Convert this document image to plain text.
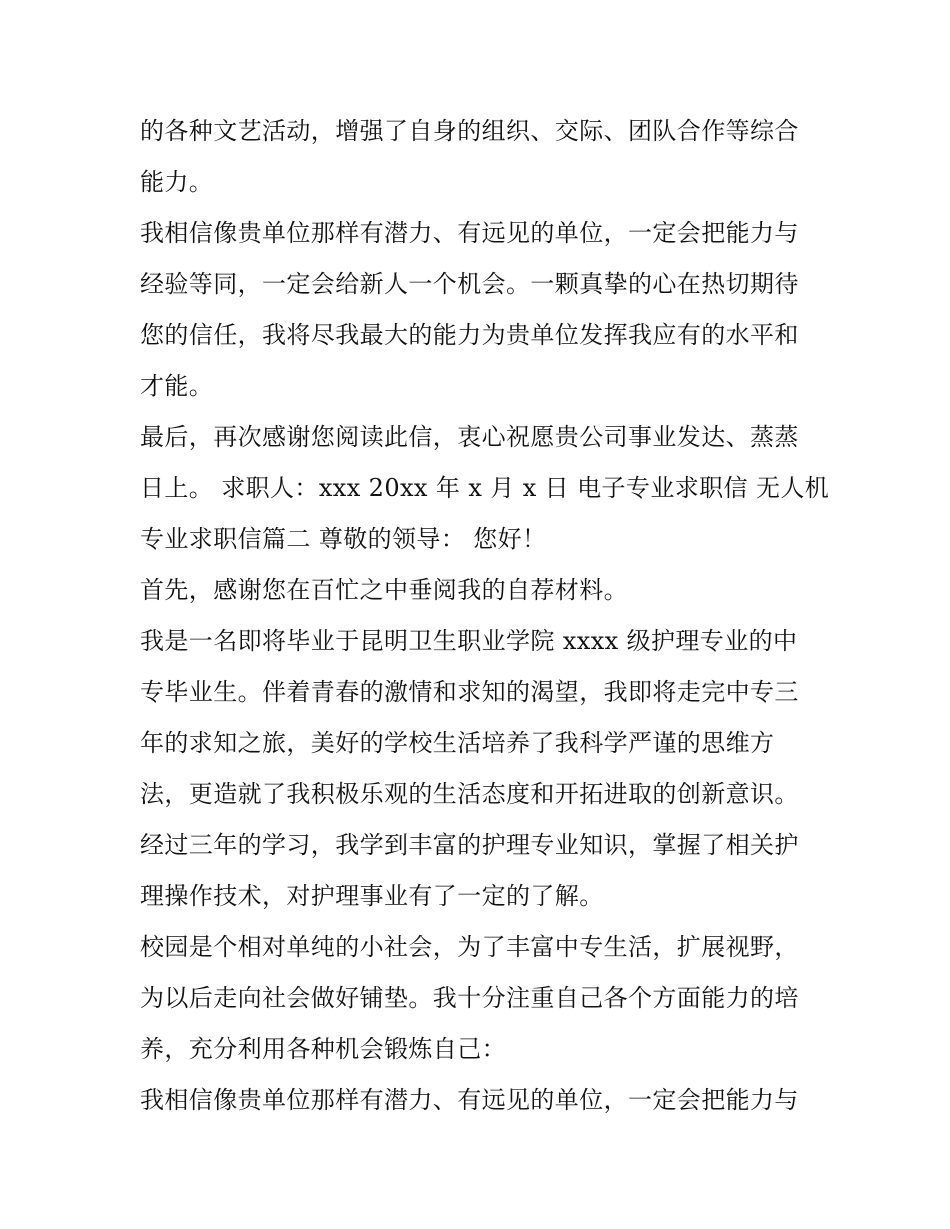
的各种文艺活动，增强了自身的组织、交际、团队合作等综合
能力。
我相信像贵单位那样有潜力、有远见的单位，一定会把能力与
经验等同，一定会给新人一个机会。一颗真挚的心在热切期待
您的信任，我将尽我最大的能力为贵单位发挥我应有的水平和
才能。
最后，再次感谢您阅读此信，衷心祝愿贵公司事业发达、蒸蒸
日上。 求职人：xxx 20xx 年 x 月 x 日 电子专业求职信 无人机
专业求职信篇二 尊敬的领导： 您好！
首先，感谢您在百忙之中垂阅我的自荐材料。
我是一名即将毕业于昆明卫生职业学院 xxxx 级护理专业的中
专毕业生。伴着青春的激情和求知的渴望，我即将走完中专三
年的求知之旅，美好的学校生活培养了我科学严谨的思维方
法，更造就了我积极乐观的生活态度和开拓进取的创新意识。
经过三年的学习，我学到丰富的护理专业知识，掌握了相关护
理操作技术，对护理事业有了一定的了解。
校园是个相对单纯的小社会，为了丰富中专生活，扩展视野，
为以后走向社会做好铺垫。我十分注重自己各个方面能力的培
养，充分利用各种机会锻炼自己：
我相信像贵单位那样有潜力、有远见的单位，一定会把能力与
